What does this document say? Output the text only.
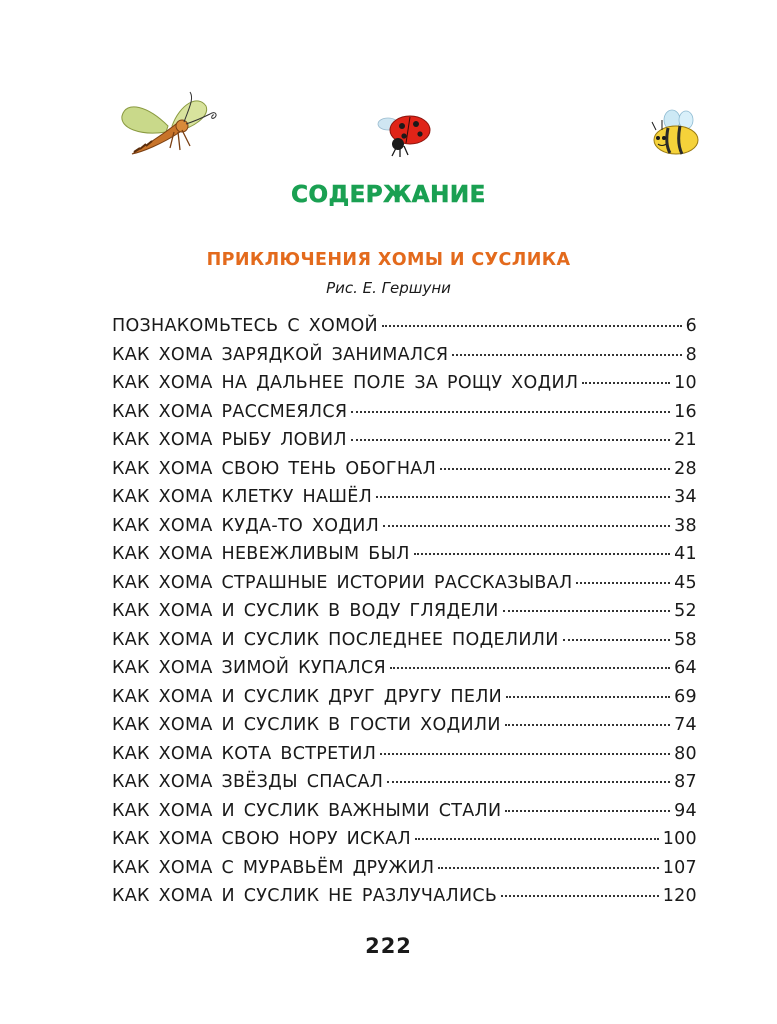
СОДЕРЖАНИЕ
ПРИКЛЮЧЕНИЯ ХОМЫ И СУСЛИКА
Рис. Е. Гершуни
ПОЗНАКОМЬТЕСЬ С ХОМОЙ	6
КАК ХОМА ЗАРЯДКОЙ ЗАНИМАЛСЯ	8
КАК ХОМА НА ДАЛЬНЕЕ ПОЛЕ ЗА РОЩУ ХОДИЛ	10
КАК ХОМА РАССМЕЯЛСЯ	16
КАК ХОМА РЫБУ ЛОВИЛ	21
КАК ХОМА СВОЮ ТЕНЬ ОБОГНАЛ	28
КАК ХОМА КЛЕТКУ НАШЁЛ	34
КАК ХОМА КУДА-ТО ХОДИЛ	38
КАК ХОМА НЕВЕЖЛИВЫМ БЫЛ	41
КАК ХОМА СТРАШНЫЕ ИСТОРИИ РАССКАЗЫВАЛ	45
КАК ХОМА И СУСЛИК В ВОДУ ГЛЯДЕЛИ	52
КАК ХОМА И СУСЛИК ПОСЛЕДНЕЕ ПОДЕЛИЛИ	58
КАК ХОМА ЗИМОЙ КУПАЛСЯ	64
КАК ХОМА И СУСЛИК ДРУГ ДРУГУ ПЕЛИ	69
КАК ХОМА И СУСЛИК В ГОСТИ ХОДИЛИ	74
КАК ХОМА КОТА ВСТРЕТИЛ	80
КАК ХОМА ЗВЁЗДЫ СПАСАЛ	87
КАК ХОМА И СУСЛИК ВАЖНЫМИ СТАЛИ	94
КАК ХОМА СВОЮ НОРУ ИСКАЛ	100
КАК ХОМА С МУРАВЬЁМ ДРУЖИЛ	107
КАК ХОМА И СУСЛИК НЕ РАЗЛУЧАЛИСЬ	120
222
